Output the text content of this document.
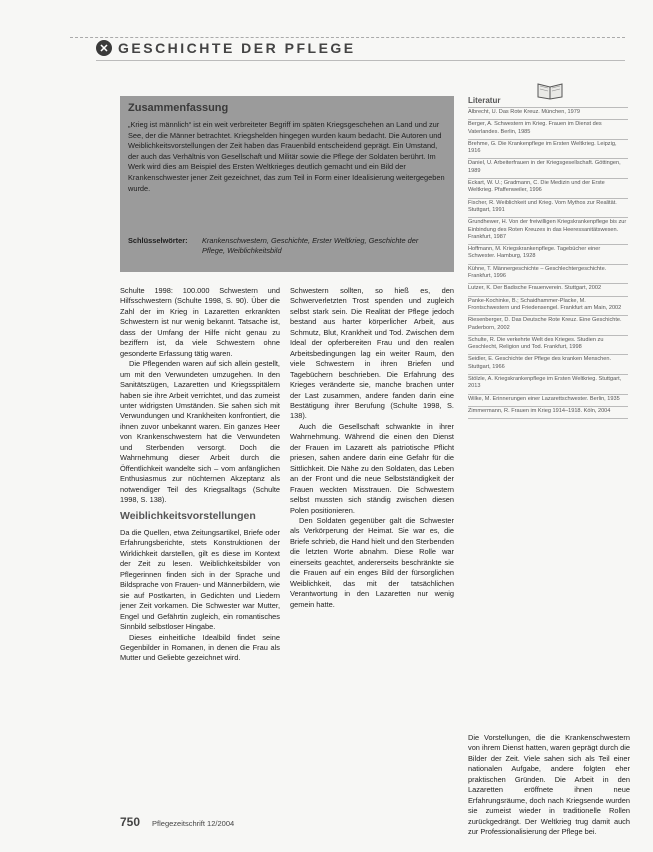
✕ GESCHICHTE DER PFLEGE
Zusammenfassung

„Krieg ist männlich“ ist ein weit verbreiteter Begriff im späten Kriegsgeschehen an Land und zur See, der die Männer betrachtet. Kriegshelden hingegen wurden kaum bedacht. Die Autoren und Weiblichkeitsvorstellungen der Zeit haben das Frauenbild entscheidend geprägt. Ein Umstand, der auch das Verhältnis von Gesellschaft und Militär sowie die Pflege der Soldaten berührt. Im Werk wird dies am Beispiel des Ersten Weltkrieges deutlich gemacht und ein Bild der Krankenschwester jener Zeit gezeichnet, das zum Teil in Form einer Idealisierung weitergegeben wurde.

Schlüsselwörter:	Krankenschwestern, Geschichte, Erster Weltkrieg, Geschichte der Pflege, Weiblichkeitsbild

Schulte 1998: 100.000 Schwestern und Hilfsschwestern (Schulte 1998, S. 90). Über die Zahl der im Krieg in Lazaretten erkrankten Schwestern ist nur wenig bekannt. Tatsache ist, dass der Umfang der Hilfe nicht genau zu beziffern ist, da viele Schwestern ohne gesonderte Erfassung tätig waren.

Die Pflegenden waren auf sich allein gestellt, um mit den Verwundeten umzugehen. In den Sanitätszügen, Lazaretten und Kriegsspitälern haben sie ihre Arbeit verrichtet, und das zumeist unter widrigsten Umständen. Sie sahen sich mit Verwundungen und Krankheiten konfrontiert, die ihnen zuvor unbekannt waren. Ein ganzes Heer von Krankenschwestern hat die Verwundeten und Sterbenden versorgt. Doch die Wahrnehmung dieser Arbeit durch die Öffentlichkeit wandelte sich – vom anfänglichen Enthusiasmus zur nüchternen Akzeptanz als notwendiger Teil des Kriegsalltags (Schulte 1998, S. 138).

Weiblichkeitsvorstellungen

Da die Quellen, etwa Zeitungsartikel, Briefe oder Erfahrungsberichte, stets Konstruktionen der Wirklichkeit darstellen, gilt es diese im Kontext der Zeit zu lesen. Weiblichkeitsbilder von Pflegerinnen finden sich in der Sprache und Bildsprache von Frauen- und Männerbildern, wie sie auf Postkarten, in Gedichten und Liedern jener Zeit vorkamen. Die Schwester war Mutter, Engel und Gefährtin zugleich, ein romantisches Sinnbild selbstloser Hingabe.

Dieses einheitliche Idealbild findet seine Gegenbilder in Romanen, in denen die Frau als Mutter und Geliebte gezeichnet wird.

Schwestern sollten, so hieß es, den Schwerverletzten Trost spenden und zugleich selbst stark sein. Die Realität der Pflege jedoch bestand aus harter körperlicher Arbeit, aus Schmutz, Blut, Krankheit und Tod. Zwischen dem Ideal der opferbereiten Frau und den realen Arbeitsbedingungen lag ein weiter Raum, den viele Schwestern in ihren Briefen und Tagebüchern beschrieben. Die Erfahrung des Krieges veränderte sie, manche brachen unter der Last zusammen, andere fanden darin eine Bestätigung ihrer Berufung (Schulte 1998, S. 138).

Auch die Gesellschaft schwankte in ihrer Wahrnehmung. Während die einen den Dienst der Frauen im Lazarett als patriotische Pflicht priesen, sahen andere darin eine Gefahr für die Sittlichkeit. Die Nähe zu den Soldaten, das Leben an der Front und die neue Selbstständigkeit der Frauen weckten Misstrauen. Die Schwestern selbst mussten sich ständig zwischen diesen Polen positionieren.

Den Soldaten gegenüber galt die Schwester als Verkörperung der Heimat. Sie war es, die Briefe schrieb, die Hand hielt und den Sterbenden die letzten Worte abnahm. Diese Rolle war einerseits geachtet, andererseits beschränkte sie die Frauen auf ein enges Bild der fürsorglichen Weiblichkeit, das mit der tatsächlichen Verantwortung in den Lazaretten nur wenig gemein hatte.

Literatur
Albrecht, U. Das Rote Kreuz. München, 1979
Berger, A. Schwestern im Krieg. Frauen im Dienst des Vaterlandes. Berlin, 1985
Brehme, G. Die Krankenpflege im Ersten Weltkrieg. Leipzig, 1916
Daniel, U. Arbeiterfrauen in der Kriegsgesellschaft. Göttingen, 1989
Eckart, W. U.; Gradmann, C. Die Medizin und der Erste Weltkrieg. Pfaffenweiler, 1996
Fischer, R. Weiblichkeit und Krieg. Vom Mythos zur Realität. Stuttgart, 1991
Grundhewer, H. Von der freiwilligen Kriegskrankenpflege bis zur Einbindung des Roten Kreuzes in das Heeressanitätswesen. Frankfurt, 1987
Hoffmann, M. Kriegskrankenpflege. Tagebücher einer Schwester. Hamburg, 1928
Kühne, T. Männergeschichte – Geschlechtergeschichte. Frankfurt, 1996
Lutzer, K. Der Badische Frauenverein. Stuttgart, 2002
Panke-Kochinke, B.; Schaidhammer-Placke, M. Frontschwestern und Friedensengel. Frankfurt am Main, 2002
Riesenberger, D. Das Deutsche Rote Kreuz. Eine Geschichte. Paderborn, 2002
Schulte, R. Die verkehrte Welt des Krieges. Studien zu Geschlecht, Religion und Tod. Frankfurt, 1998
Seidler, E. Geschichte der Pflege des kranken Menschen. Stuttgart, 1966
Stölzle, A. Kriegskrankenpflege im Ersten Weltkrieg. Stuttgart, 2013
Wilke, M. Erinnerungen einer Lazarettschwester. Berlin, 1935
Zimmermann, R. Frauen im Krieg 1914–1918. Köln, 2004

Die Vorstellungen, die die Krankenschwestern von ihrem Dienst hatten, waren geprägt durch die Bilder der Zeit. Viele sahen sich als Teil einer nationalen Aufgabe, andere folgten eher praktischen Gründen. Die Arbeit in den Lazaretten eröffnete ihnen neue Erfahrungsräume, doch nach Kriegsende wurden sie zumeist wieder in traditionelle Rollen zurückgedrängt. Der Weltkrieg trug damit auch zur Professionalisierung der Pflege bei.

750 Pflegezeitschrift 12/2004
